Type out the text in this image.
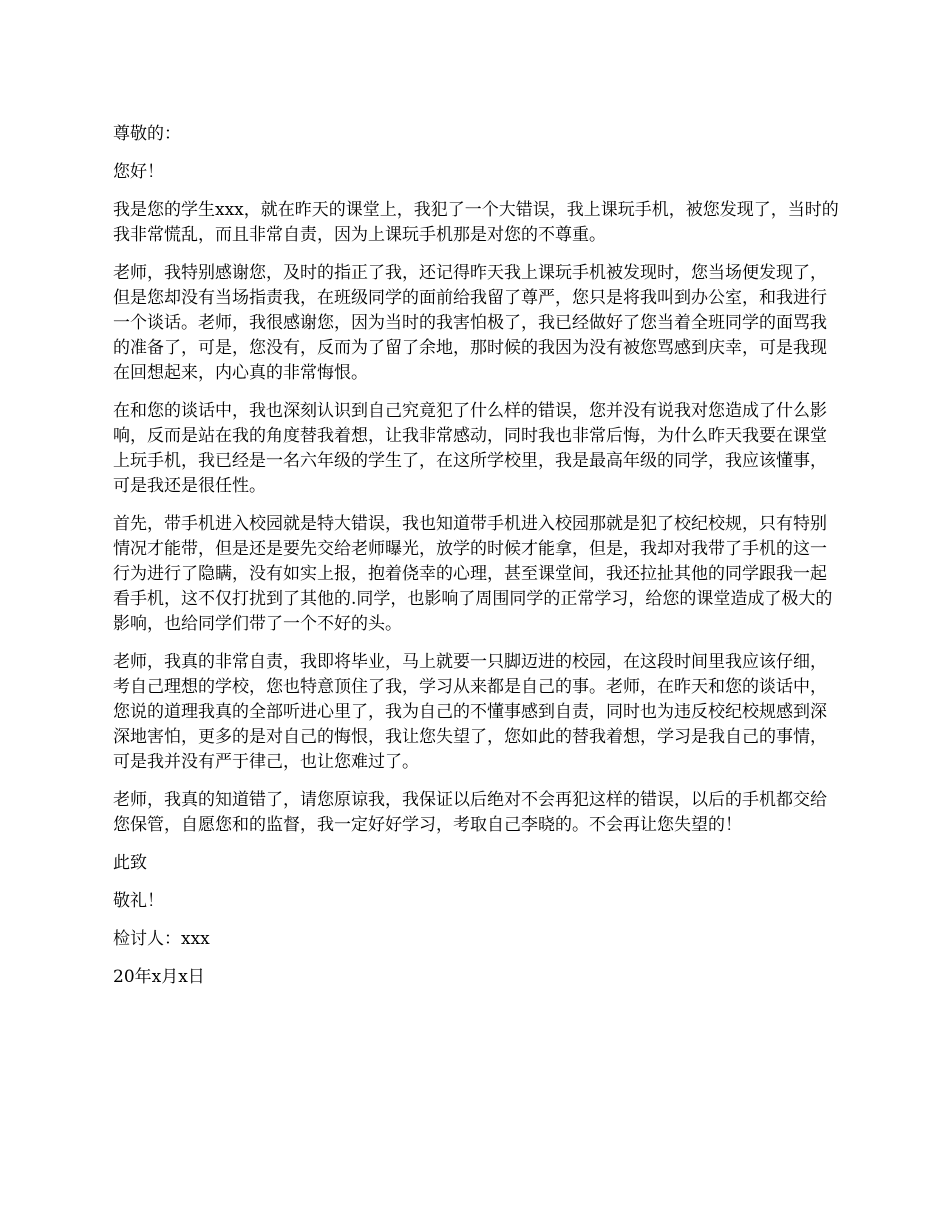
尊敬的：

您好！

我是您的学生xxx，就在昨天的课堂上，我犯了一个大错误，我上课玩手机，被您发现了，当时的我非常慌乱，而且非常自责，因为上课玩手机那是对您的不尊重。

老师，我特别感谢您，及时的指正了我，还记得昨天我上课玩手机被发现时，您当场便发现了，但是您却没有当场指责我，在班级同学的面前给我留了尊严，您只是将我叫到办公室，和我进行一个谈话。老师，我很感谢您，因为当时的我害怕极了，我已经做好了您当着全班同学的面骂我的准备了，可是，您没有，反而为了留了余地，那时候的我因为没有被您骂感到庆幸，可是我现在回想起来，内心真的非常悔恨。

在和您的谈话中，我也深刻认识到自己究竟犯了什么样的错误，您并没有说我对您造成了什么影响，反而是站在我的角度替我着想，让我非常感动，同时我也非常后悔，为什么昨天我要在课堂上玩手机，我已经是一名六年级的学生了，在这所学校里，我是最高年级的同学，我应该懂事，可是我还是很任性。

首先，带手机进入校园就是特大错误，我也知道带手机进入校园那就是犯了校纪校规，只有特别情况才能带，但是还是要先交给老师曝光，放学的时候才能拿，但是，我却对我带了手机的这一行为进行了隐瞒，没有如实上报，抱着侥幸的心理，甚至课堂间，我还拉扯其他的同学跟我一起看手机，这不仅打扰到了其他的.同学，也影响了周围同学的正常学习，给您的课堂造成了极大的影响，也给同学们带了一个不好的头。

老师，我真的非常自责，我即将毕业，马上就要一只脚迈进的校园，在这段时间里我应该仔细，考自己理想的学校，您也特意顶住了我，学习从来都是自己的事。老师，在昨天和您的谈话中，您说的道理我真的全部听进心里了，我为自己的不懂事感到自责，同时也为违反校纪校规感到深深地害怕，更多的是对自己的悔恨，我让您失望了，您如此的替我着想，学习是我自己的事情，可是我并没有严于律己，也让您难过了。

老师，我真的知道错了，请您原谅我，我保证以后绝对不会再犯这样的错误，以后的手机都交给您保管，自愿您和的监督，我一定好好学习，考取自己李晓的。不会再让您失望的！

此致

敬礼！

检讨人：xxx

20年x月x日
